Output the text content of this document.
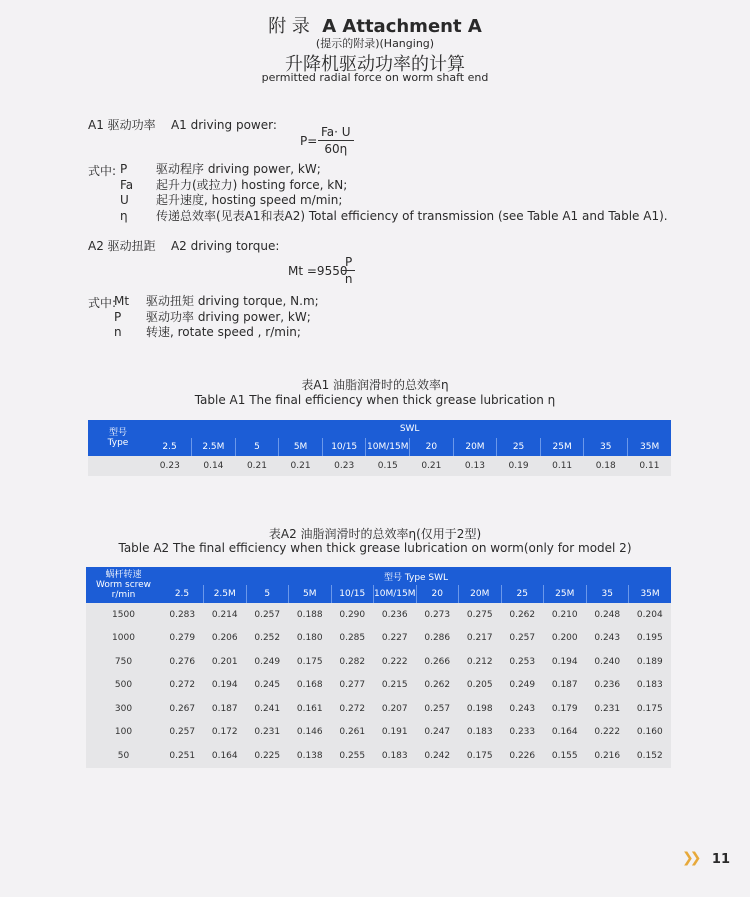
附 录 A Attachment A
(提示的附录)(Hanging)
升降机驱动功率的计算
permitted radial force on worm shaft end
A1 驱动功率 A1 driving power:
$P= \frac{Fa\cdot U}{60\eta}$
式中: P 驱动程序 driving power, kW;
Fa 起升力(或拉力) hosting force, kN;
U 起升速度, hosting speed m/min;
η 传递总效率(见表A1和表A2) Total efficiency of transmission (see Table A1 and Table A1).
A2 驱动扭距 A2 driving torque:
Mt =9550
$\frac{P}{n}$
式中:
Mt 驱动扭矩 driving torque, N.m;
P 驱动功率 driving power, kW;
n 转速, rotate speed , r/min;
表A1 油脂润滑时的总效率η
Table A1 The final efficiency when thick grease lubrication η
型号
Type	SWL											
	2.5	2.5M	5	5M	10/15	10M/15M	20	20M	25	25M	35	35M
	0.23	0.14	0.21	0.21	0.23	0.15	0.21	0.13	0.19	0.11	0.18	0.11
表A2 油脂润滑时的总效率η(仅用于2型)
Table A2 The final efficiency when thick grease lubrication on worm(only for model 2)
蜗杆转速
Worm screw
r/min	型号 Type SWL											
	2.5	2.5M	5	5M	10/15	10M/15M	20	20M	25	25M	35	35M
1500	0.283	0.214	0.257	0.188	0.290	0.236	0.273	0.275	0.262	0.210	0.248	0.204
1000	0.279	0.206	0.252	0.180	0.285	0.227	0.286	0.217	0.257	0.200	0.243	0.195
750	0.276	0.201	0.249	0.175	0.282	0.222	0.266	0.212	0.253	0.194	0.240	0.189
500	0.272	0.194	0.245	0.168	0.277	0.215	0.262	0.205	0.249	0.187	0.236	0.183
300	0.267	0.187	0.241	0.161	0.272	0.207	0.257	0.198	0.243	0.179	0.231	0.175
100	0.257	0.172	0.231	0.146	0.261	0.191	0.247	0.183	0.233	0.164	0.222	0.160
50	0.251	0.164	0.225	0.138	0.255	0.183	0.242	0.175	0.226	0.155	0.216	0.152
❯❯ 11
